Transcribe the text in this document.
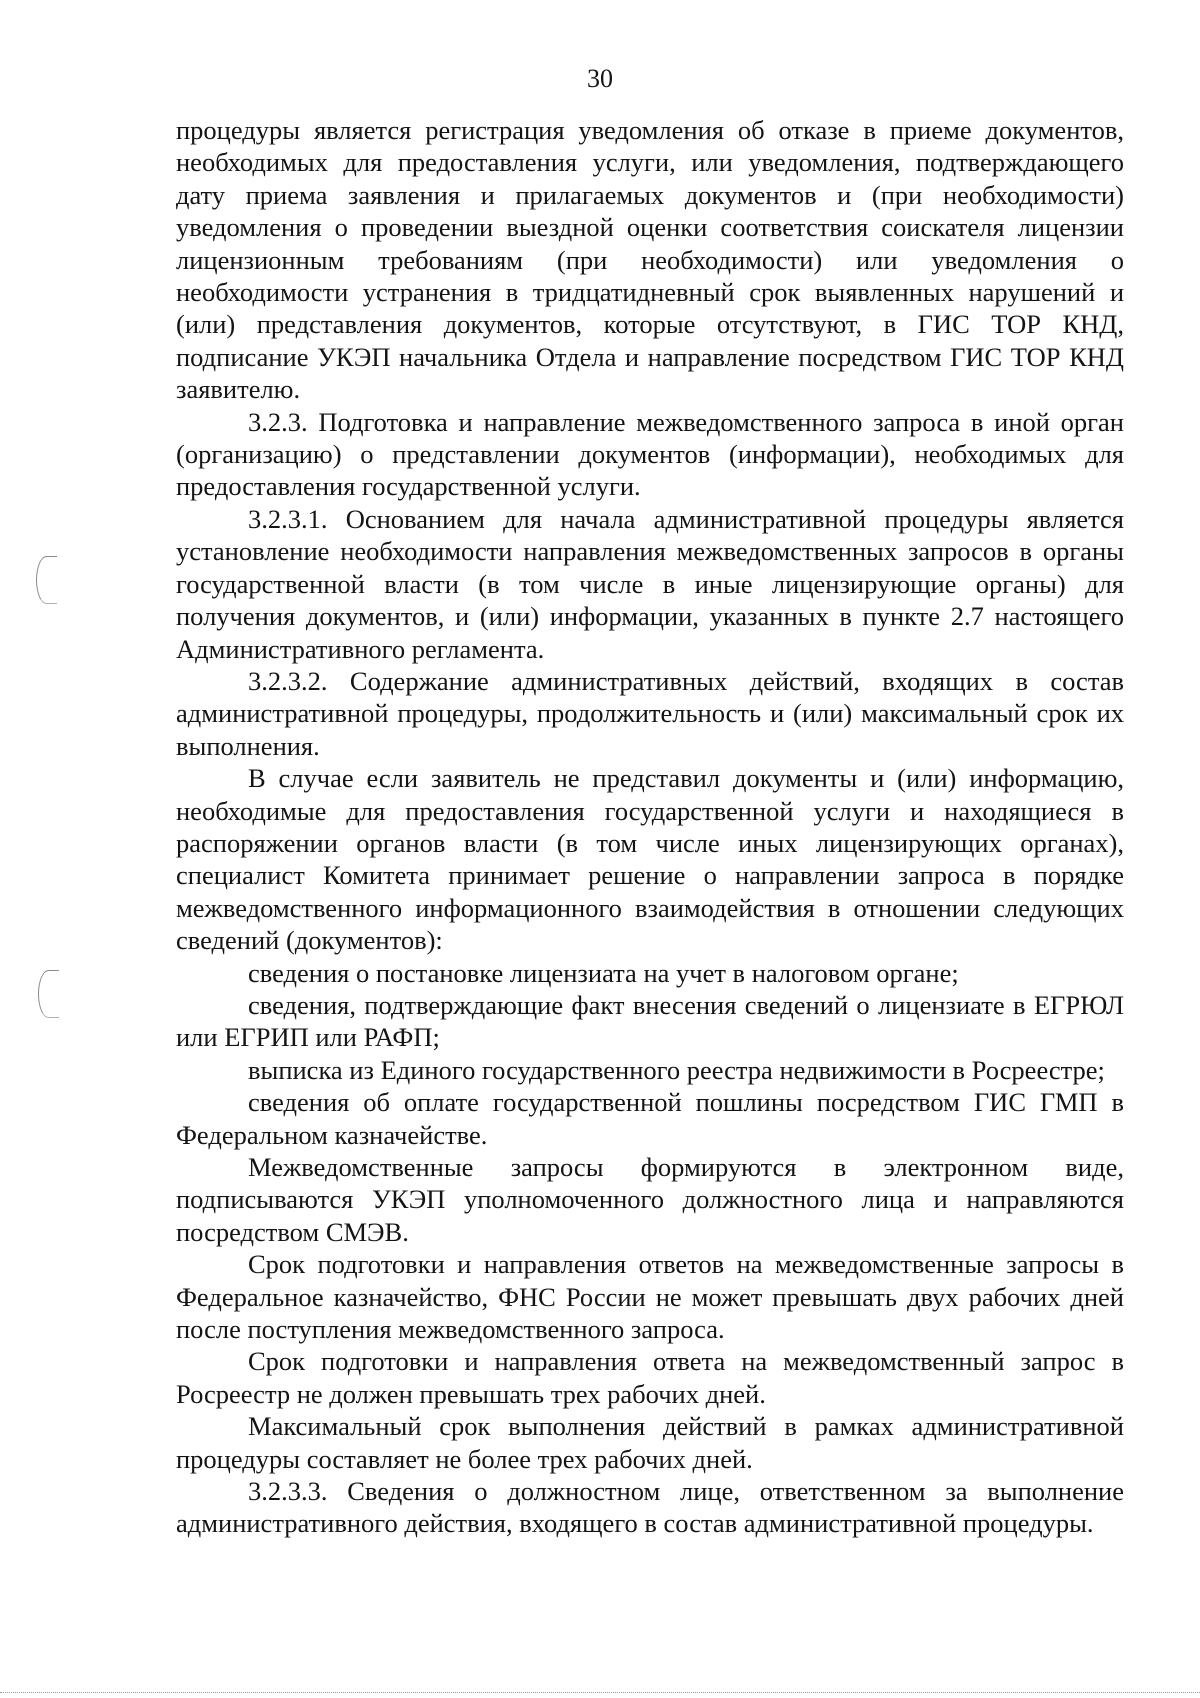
30

процедуры является регистрация уведомления об отказе в приеме документов, необходимых для предоставления услуги, или уведомления, подтверждающего дату приема заявления и прилагаемых документов и (при необходимости) уведомления о проведении выездной оценки соответствия соискателя лицензии лицензионным требованиям (при необходимости) или уведомления о необходимости устранения в тридцатидневный срок выявленных нарушений и (или) представления документов, которые отсутствуют, в ГИС ТОР КНД, подписание УКЭП начальника Отдела и направление посредством ГИС ТОР КНД заявителю.

3.2.3. Подготовка и направление межведомственного запроса в иной орган (организацию) о представлении документов (информации), необходимых для предоставления государственной услуги.

3.2.3.1. Основанием для начала административной процедуры является установление необходимости направления межведомственных запросов в органы государственной власти (в том числе в иные лицензирующие органы) для получения документов, и (или) информации, указанных в пункте 2.7 настоящего Административного регламента.

3.2.3.2. Содержание административных действий, входящих в состав административной процедуры, продолжительность и (или) максимальный срок их выполнения.

В случае если заявитель не представил документы и (или) информацию, необходимые для предоставления государственной услуги и находящиеся в распоряжении органов власти (в том числе иных лицензирующих органах), специалист Комитета принимает решение о направлении запроса в порядке межведомственного информационного взаимодействия в отношении следующих сведений (документов):

сведения о постановке лицензиата на учет в налоговом органе;

сведения, подтверждающие факт внесения сведений о лицензиате в ЕГРЮЛ или ЕГРИП или РАФП;

выписка из Единого государственного реестра недвижимости в Росреестре;

сведения об оплате государственной пошлины посредством ГИС ГМП в Федеральном казначействе.

Межведомственные запросы формируются в электронном виде, подписываются УКЭП уполномоченного должностного лица и направляются посредством СМЭВ.

Срок подготовки и направления ответов на межведомственные запросы в Федеральное казначейство, ФНС России не может превышать двух рабочих дней после поступления межведомственного запроса.

Срок подготовки и направления ответа на межведомственный запрос в Росреестр не должен превышать трех рабочих дней.

Максимальный срок выполнения действий в рамках административной процедуры составляет не более трех рабочих дней.

3.2.3.3. Сведения о должностном лице, ответственном за выполнение административного действия, входящего в состав административной процедуры.
